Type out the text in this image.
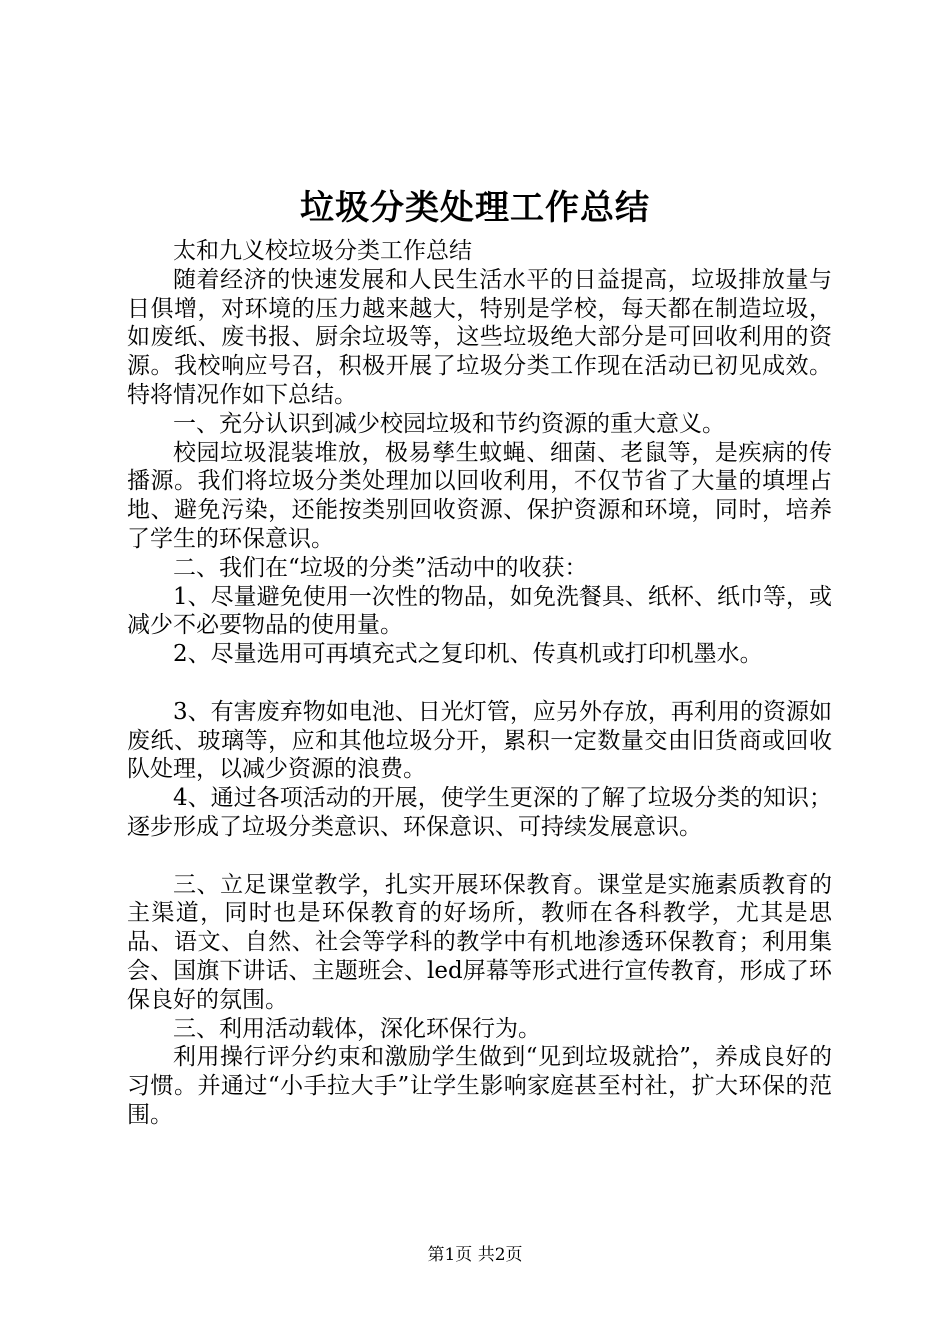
垃圾分类处理工作总结

太和九义校垃圾分类工作总结

随着经济的快速发展和人民生活水平的日益提高，垃圾排放量与日俱增，对环境的压力越来越大，特别是学校，每天都在制造垃圾，如废纸、废书报、厨余垃圾等，这些垃圾绝大部分是可回收利用的资源。我校响应号召，积极开展了垃圾分类工作现在活动已初见成效。特将情况作如下总结。

一、充分认识到减少校园垃圾和节约资源的重大意义。

校园垃圾混装堆放，极易孳生蚊蝇、细菌、老鼠等，是疾病的传播源。我们将垃圾分类处理加以回收利用，不仅节省了大量的填埋占地、避免污染，还能按类别回收资源、保护资源和环境，同时，培养了学生的环保意识。

二、我们在“垃圾的分类”活动中的收获：

1、尽量避免使用一次性的物品，如免洗餐具、纸杯、纸巾等，或减少不必要物品的使用量。

2、尽量选用可再填充式之复印机、传真机或打印机墨水。

3、有害废弃物如电池、日光灯管，应另外存放，再利用的资源如废纸、玻璃等，应和其他垃圾分开，累积一定数量交由旧货商或回收队处理，以减少资源的浪费。

4、通过各项活动的开展，使学生更深的了解了垃圾分类的知识；逐步形成了垃圾分类意识、环保意识、可持续发展意识。

三、立足课堂教学，扎实开展环保教育。课堂是实施素质教育的主渠道，同时也是环保教育的好场所，教师在各科教学，尤其是思品、语文、自然、社会等学科的教学中有机地渗透环保教育；利用集会、国旗下讲话、主题班会、led屏幕等形式进行宣传教育，形成了环保良好的氛围。

三、利用活动载体，深化环保行为。

利用操行评分约束和激励学生做到“见到垃圾就拾”，养成良好的习惯。并通过“小手拉大手”让学生影响家庭甚至村社，扩大环保的范围。

第1页 共2页
